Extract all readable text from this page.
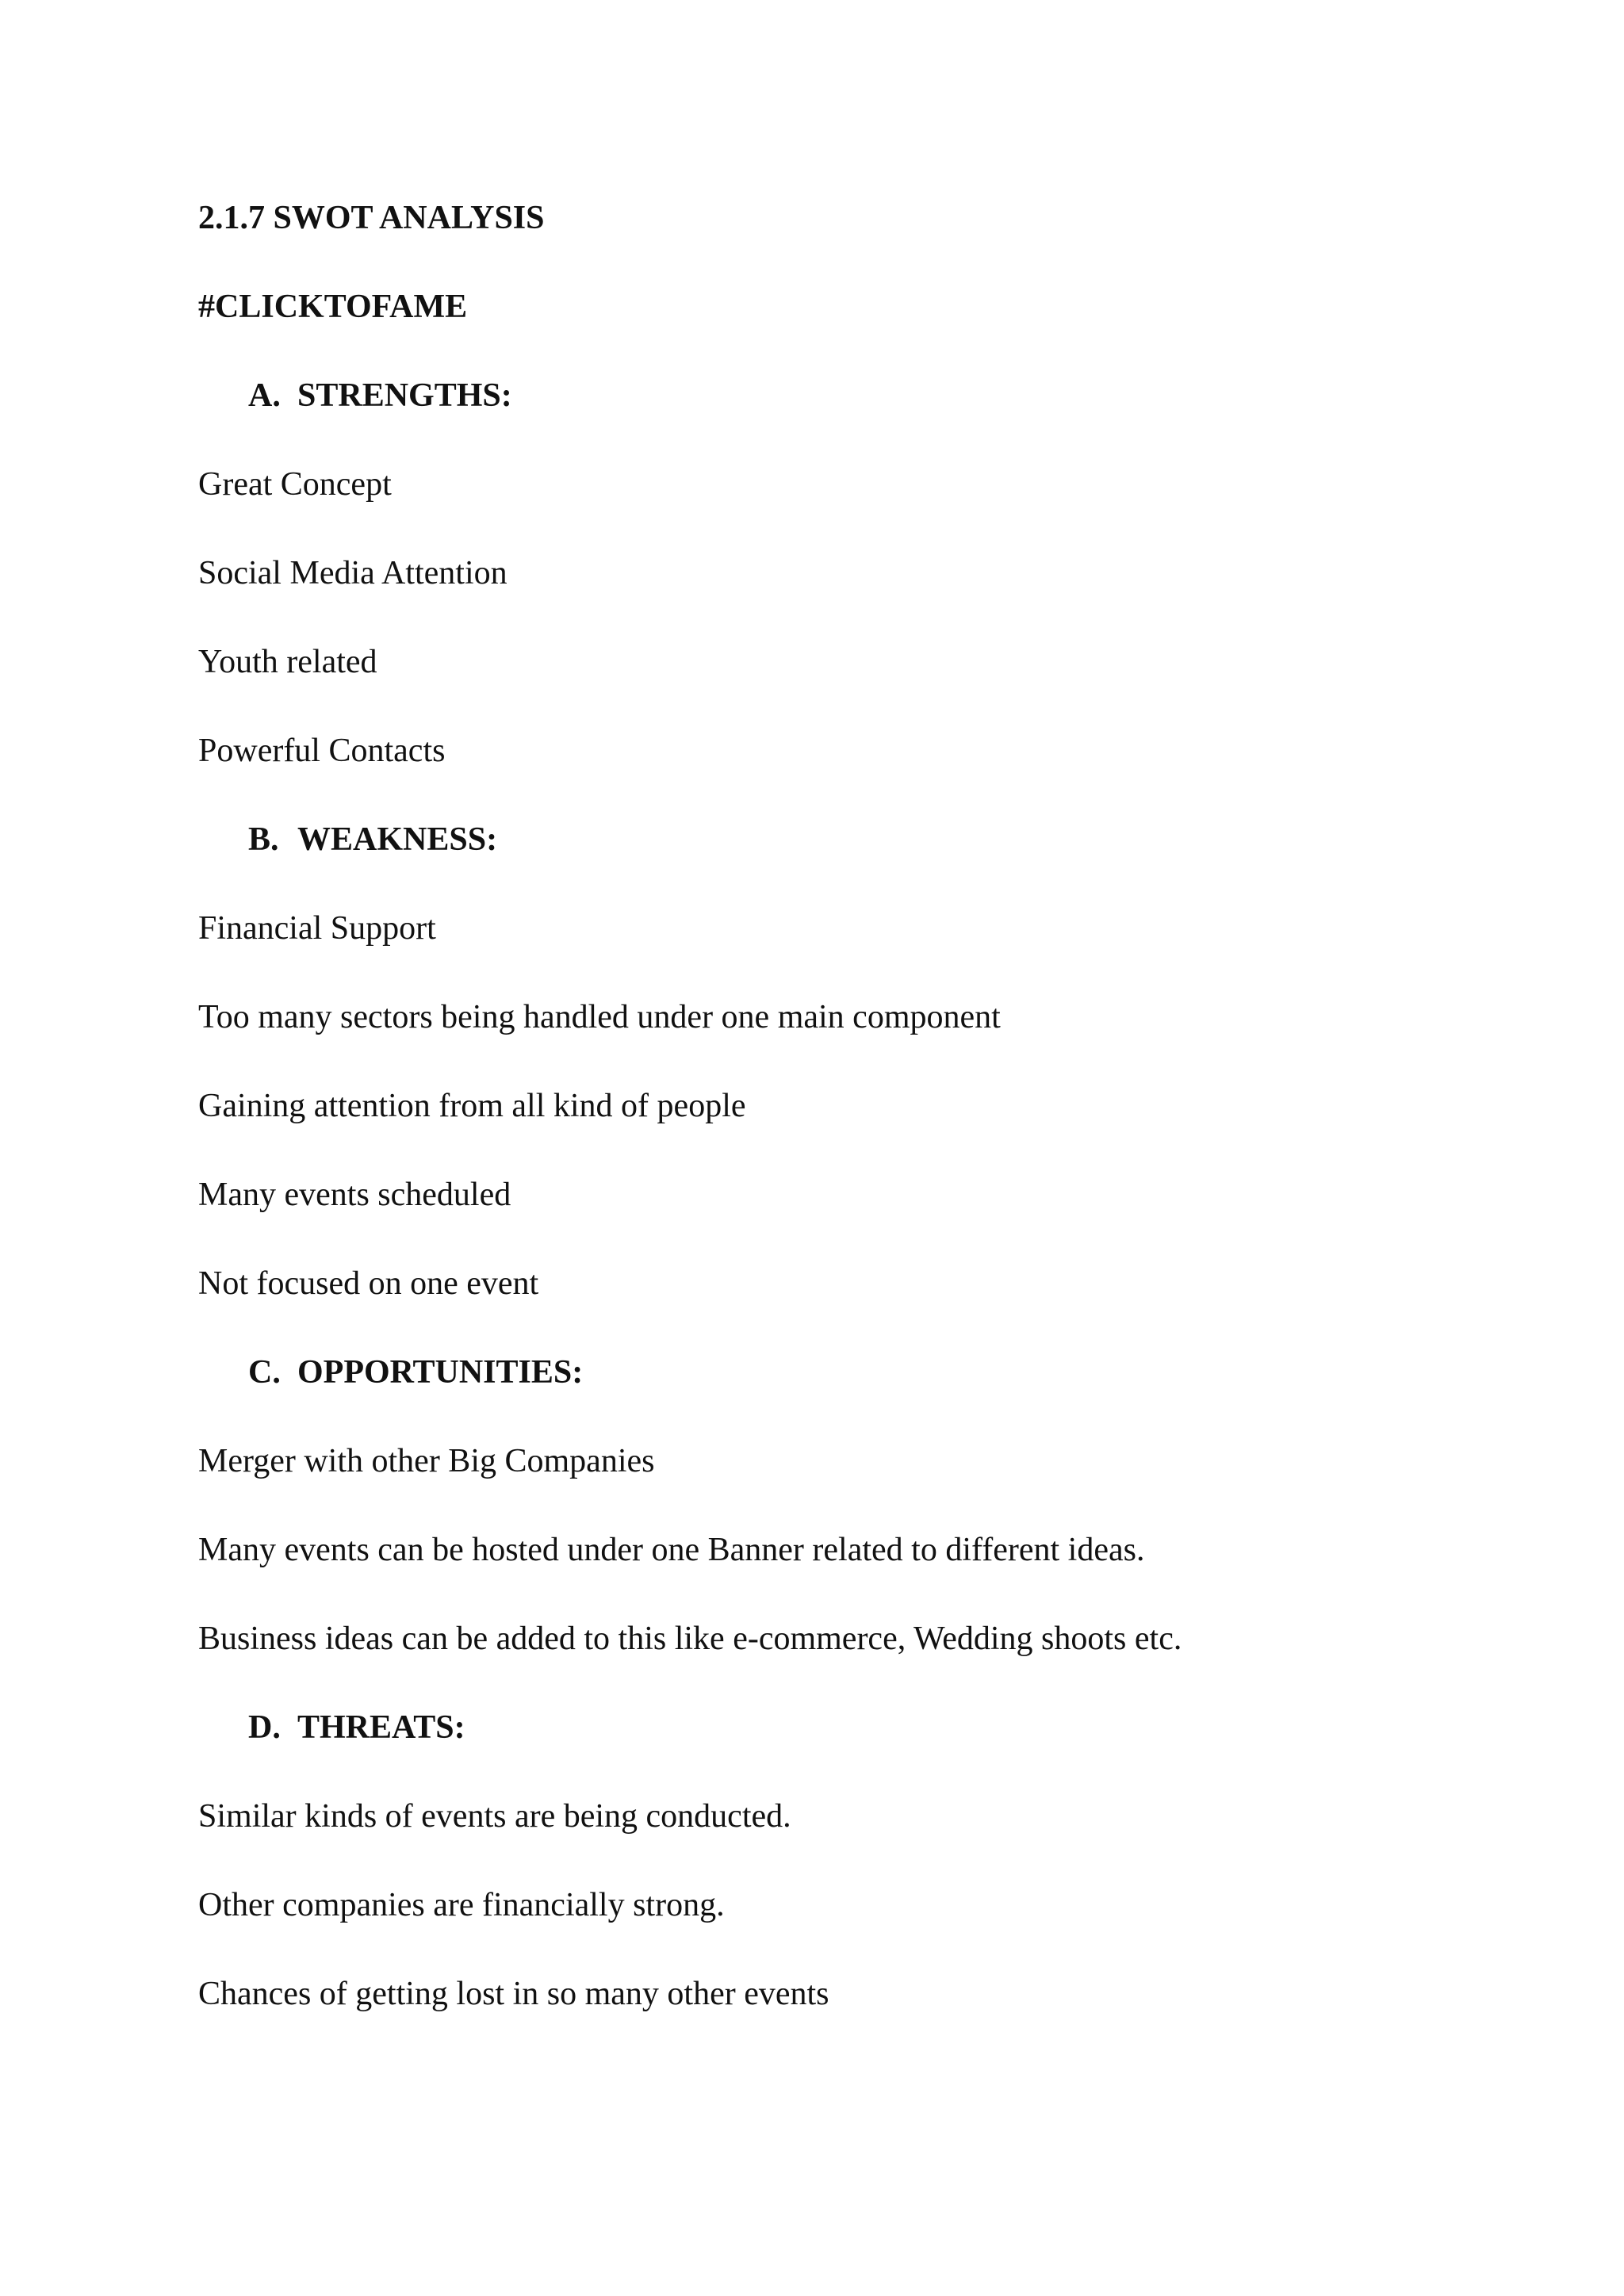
2.1.7 SWOT ANALYSIS

#CLICKTOFAME

A. STRENGTHS:

Great Concept

Social Media Attention

Youth related

Powerful Contacts

B. WEAKNESS:

Financial Support

Too many sectors being handled under one main component

Gaining attention from all kind of people

Many events scheduled

Not focused on one event

C. OPPORTUNITIES:

Merger with other Big Companies

Many events can be hosted under one Banner related to different ideas.

Business ideas can be added to this like e-commerce, Wedding shoots etc.

D. THREATS:

Similar kinds of events are being conducted.

Other companies are financially strong.

Chances of getting lost in so many other events
